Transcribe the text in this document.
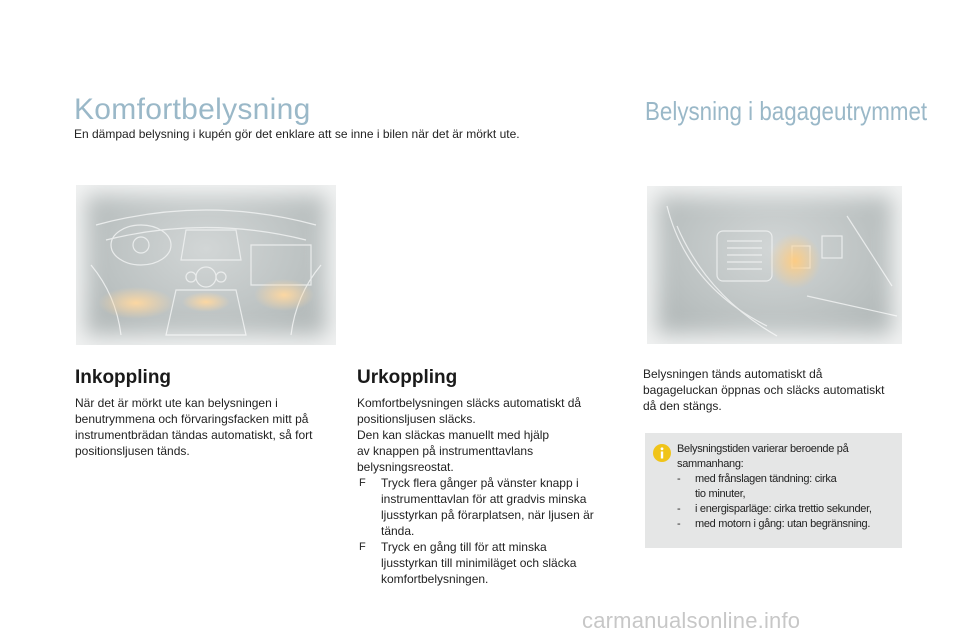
Komfortbelysning	Belysning i bagageutrymmet
En dämpad belysning i kupén gör det enklare att se inne i bilen när det är mörkt ute.
Inkoppling
När det är mörkt ute kan belysningen i
benutrymmena och förvaringsfacken mitt på
instrumentbrädan tändas automatiskt, så fort
positionsljusen tänds.
Urkoppling
Komfortbelysningen släcks automatiskt då
positionsljusen släcks.
Den kan släckas manuellt med hjälp
av knappen på instrumenttavlans
belysningsreostat.
F Tryck flera gånger på vänster knapp i
instrumenttavlan för att gradvis minska
ljusstyrkan på förarplatsen, när ljusen är
tända.
F Tryck en gång till för att minska
ljusstyrkan till minimiläget och släcka
komfortbelysningen.
Belysningen tänds automatiskt då
bagageluckan öppnas och släcks automatiskt
då den stängs.
Belysningstiden varierar beroende på
sammanhang:
- med frånslagen tändning: cirka
tio minuter,
- i energisparläge: cirka trettio sekunder,
- med motorn i gång: utan begränsning.
carmanualsonline.info
